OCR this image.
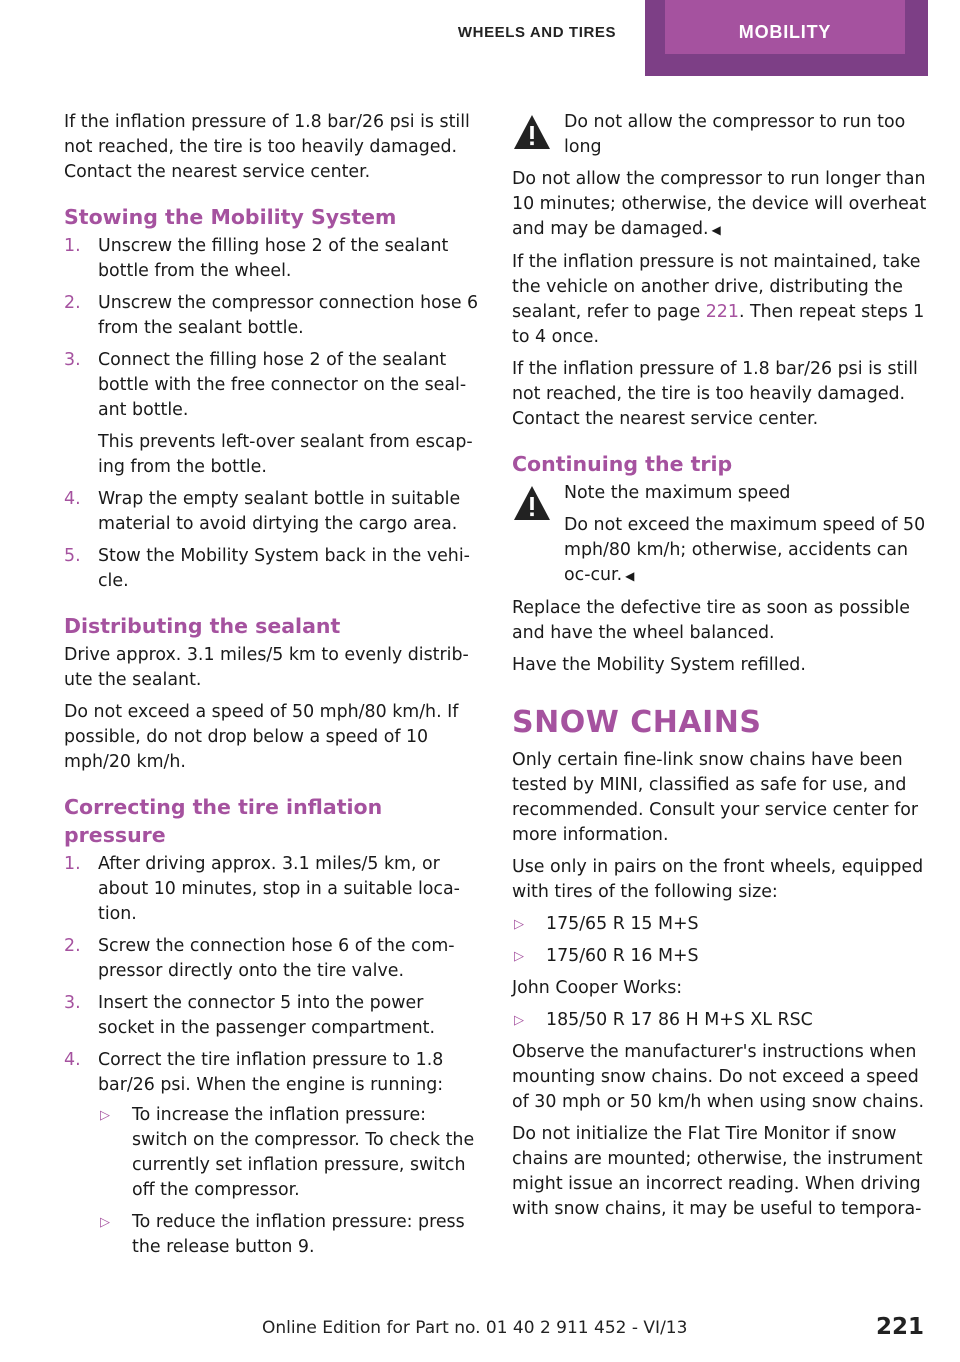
WHEELS AND TIRES	MOBILITY

If the inflation pressure of 1.8 bar/26 psi is still not reached, the tire is too heavily damaged. Contact the nearest service center.

Stowing the Mobility System
1. Unscrew the filling hose 2 of the sealant bottle from the wheel.
2. Unscrew the compressor connection hose 6 from the sealant bottle.
3. Connect the filling hose 2 of the sealant bottle with the free connector on the seal-ant bottle.

This prevents left-over sealant from escap-ing from the bottle.

4. Wrap the empty sealant bottle in suitable material to avoid dirtying the cargo area.
5. Stow the Mobility System back in the vehi-cle.
Distributing the sealant

Drive approx. 3.1 miles/5 km to evenly distrib-ute the sealant.

Do not exceed a speed of 50 mph/80 km/h. If possible, do not drop below a speed of 10 mph/20 km/h.

Correcting the tire inflation pressure
1. After driving approx. 3.1 miles/5 km, or about 10 minutes, stop in a suitable loca-tion.
2. Screw the connection hose 6 of the com-pressor directly onto the tire valve.
3. Insert the connector 5 into the power socket in the passenger compartment.
4. Correct the tire inflation pressure to 1.8 bar/26 psi. When the engine is running:
▷ To increase the inflation pressure: switch on the compressor. To check the currently set inflation pressure, switch off the compressor.
▷ To reduce the inflation pressure: press the release button 9.
Do not allow the compressor to run too long

Do not allow the compressor to run longer than 10 minutes; otherwise, the device will overheat and may be damaged. ◀

If the inflation pressure is not maintained, take the vehicle on another drive, distributing the sealant, refer to page 221. Then repeat steps 1 to 4 once.

If the inflation pressure of 1.8 bar/26 psi is still not reached, the tire is too heavily damaged. Contact the nearest service center.

Continuing the trip
Note the maximum speed

Do not exceed the maximum speed of 50 mph/80 km/h; otherwise, accidents can oc-cur. ◀

Replace the defective tire as soon as possible and have the wheel balanced.

Have the Mobility System refilled.

SNOW CHAINS

Only certain fine-link snow chains have been tested by MINI, classified as safe for use, and recommended. Consult your service center for more information.

Use only in pairs on the front wheels, equipped with tires of the following size:

▷ 175/65 R 15 M+S
▷ 175/60 R 16 M+S

John Cooper Works:

▷ 185/50 R 17 86 H M+S XL RSC

Observe the manufacturer's instructions when mounting snow chains. Do not exceed a speed of 30 mph or 50 km/h when using snow chains.

Do not initialize the Flat Tire Monitor if snow chains are mounted; otherwise, the instrument might issue an incorrect reading. When driving with snow chains, it may be useful to tempora-

Online Edition for Part no. 01 40 2 911 452 - VI/13	221
